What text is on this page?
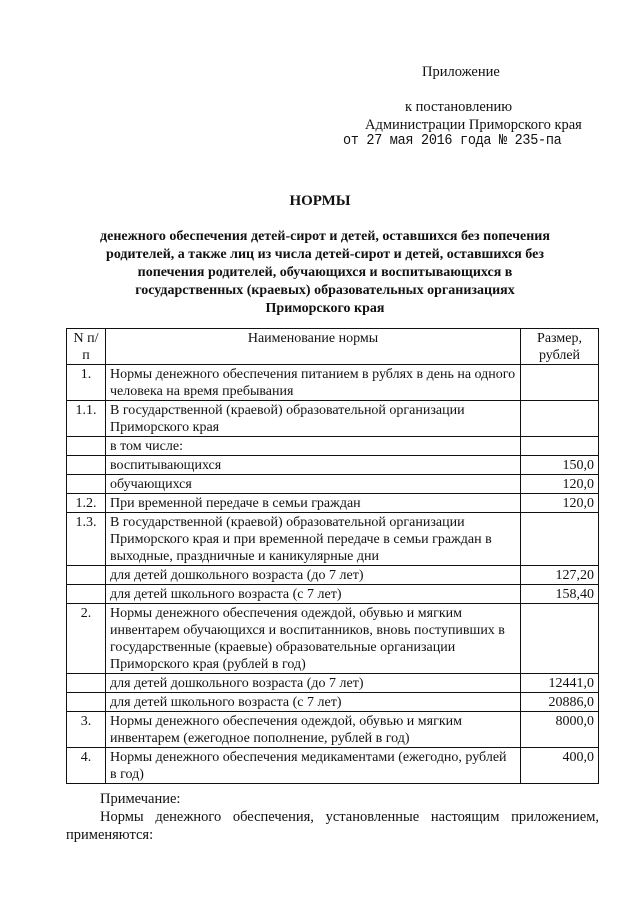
Приложение
к постановлению
Администрации Приморского края
от 27 мая 2016 года № 235-па
НОРМЫ
денежного обеспечения детей-сирот и детей, оставшихся без попечения
родителей, а также лиц из числа детей-сирот и детей, оставшихся без
попечения родителей, обучающихся и воспитывающихся в
государственных (краевых) образовательных организациях
Приморского края
N п/п	Наименование нормы	Размер, рублей
1.	Нормы денежного обеспечения питанием в рублях в день на одного человека на время пребывания	
1.1.	В государственной (краевой) образовательной организации Приморского края	
	в том числе:	
	воспитывающихся	150,0
	обучающихся	120,0
1.2.	При временной передаче в семьи граждан	120,0
1.3.	В государственной (краевой) образовательной организации Приморского края и при временной передаче в семьи граждан в выходные, праздничные и каникулярные дни	
	для детей дошкольного возраста (до 7 лет)	127,20
	для детей школьного возраста (с 7 лет)	158,40
2.	Нормы денежного обеспечения одеждой, обувью и мягким инвентарем обучающихся и воспитанников, вновь поступивших в государственные (краевые) образовательные организации Приморского края (рублей в год)	
	для детей дошкольного возраста (до 7 лет)	12441,0
	для детей школьного возраста (с 7 лет)	20886,0
3.	Нормы денежного обеспечения одеждой, обувью и мягким инвентарем (ежегодное пополнение, рублей в год)	8000,0
4.	Нормы денежного обеспечения медикаментами (ежегодно, рублей в год)	400,0
Примечание:
Нормы денежного обеспечения, установленные настоящим приложением,
применяются:
